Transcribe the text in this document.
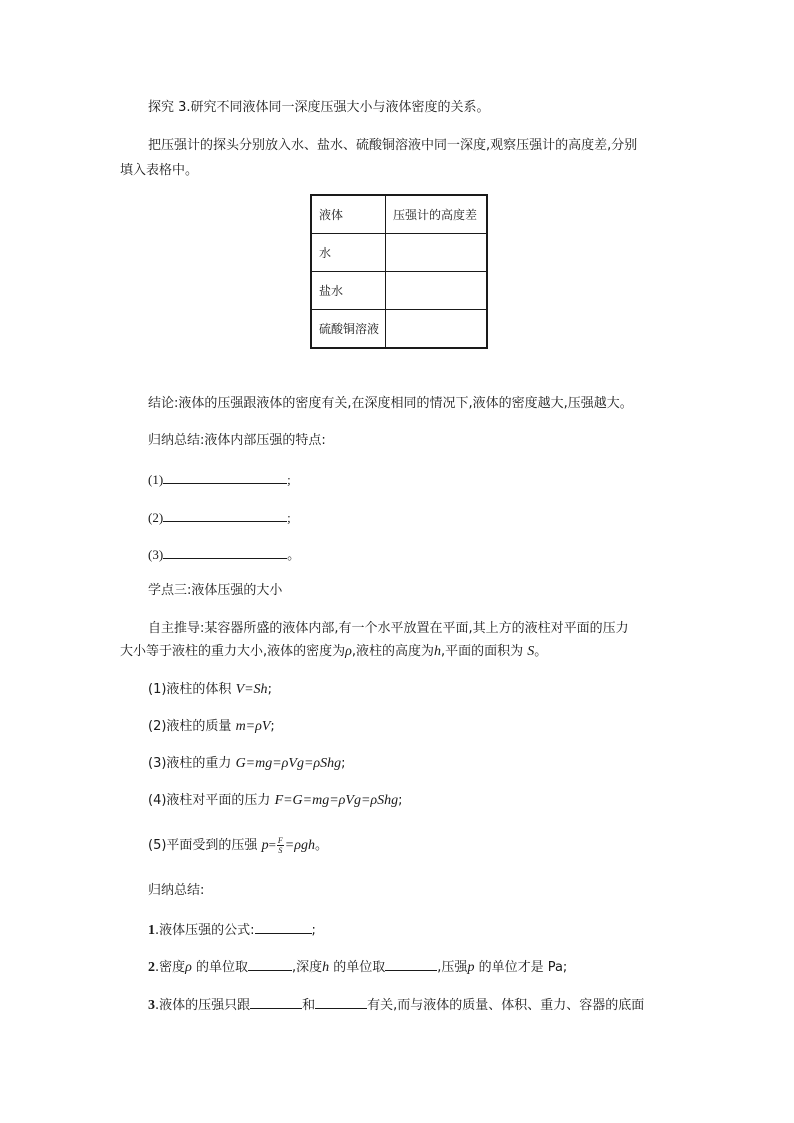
探究 3.研究不同液体同一深度压强大小与液体密度的关系。
把压强计的探头分别放入水、盐水、硫酸铜溶液中同一深度,观察压强计的高度差,分别
填入表格中。
液体	压强计的高度差
水	
盐水	
硫酸铜溶液	
结论:液体的压强跟液体的密度有关,在深度相同的情况下,液体的密度越大,压强越大。
归纳总结:液体内部压强的特点:
(1)	;
(2)	;
(3)	。
学点三:液体压强的大小
自主推导:某容器所盛的液体内部,有一个水平放置在平面,其上方的液柱对平面的压力
大小等于液柱的重力大小,液体的密度为ρ,液柱的高度为h,平面的面积为 S。
(1)液柱的体积 V=Sh;
(2)液柱的质量 m=ρV;
(3)液柱的重力 G=mg=ρVg=ρShg;
(4)液柱对平面的压力 F=G=mg=ρVg=ρShg;
(5)平面受到的压强 $p= \frac{F}{S} =\rho gh$。
归纳总结:
1.液体压强的公式:	;
2.密度ρ 的单位取	,深度h 的单位取	,压强p 的单位才是 Pa;
3.液体的压强只跟	和	有关,而与液体的质量、体积、重力、容器的底面
